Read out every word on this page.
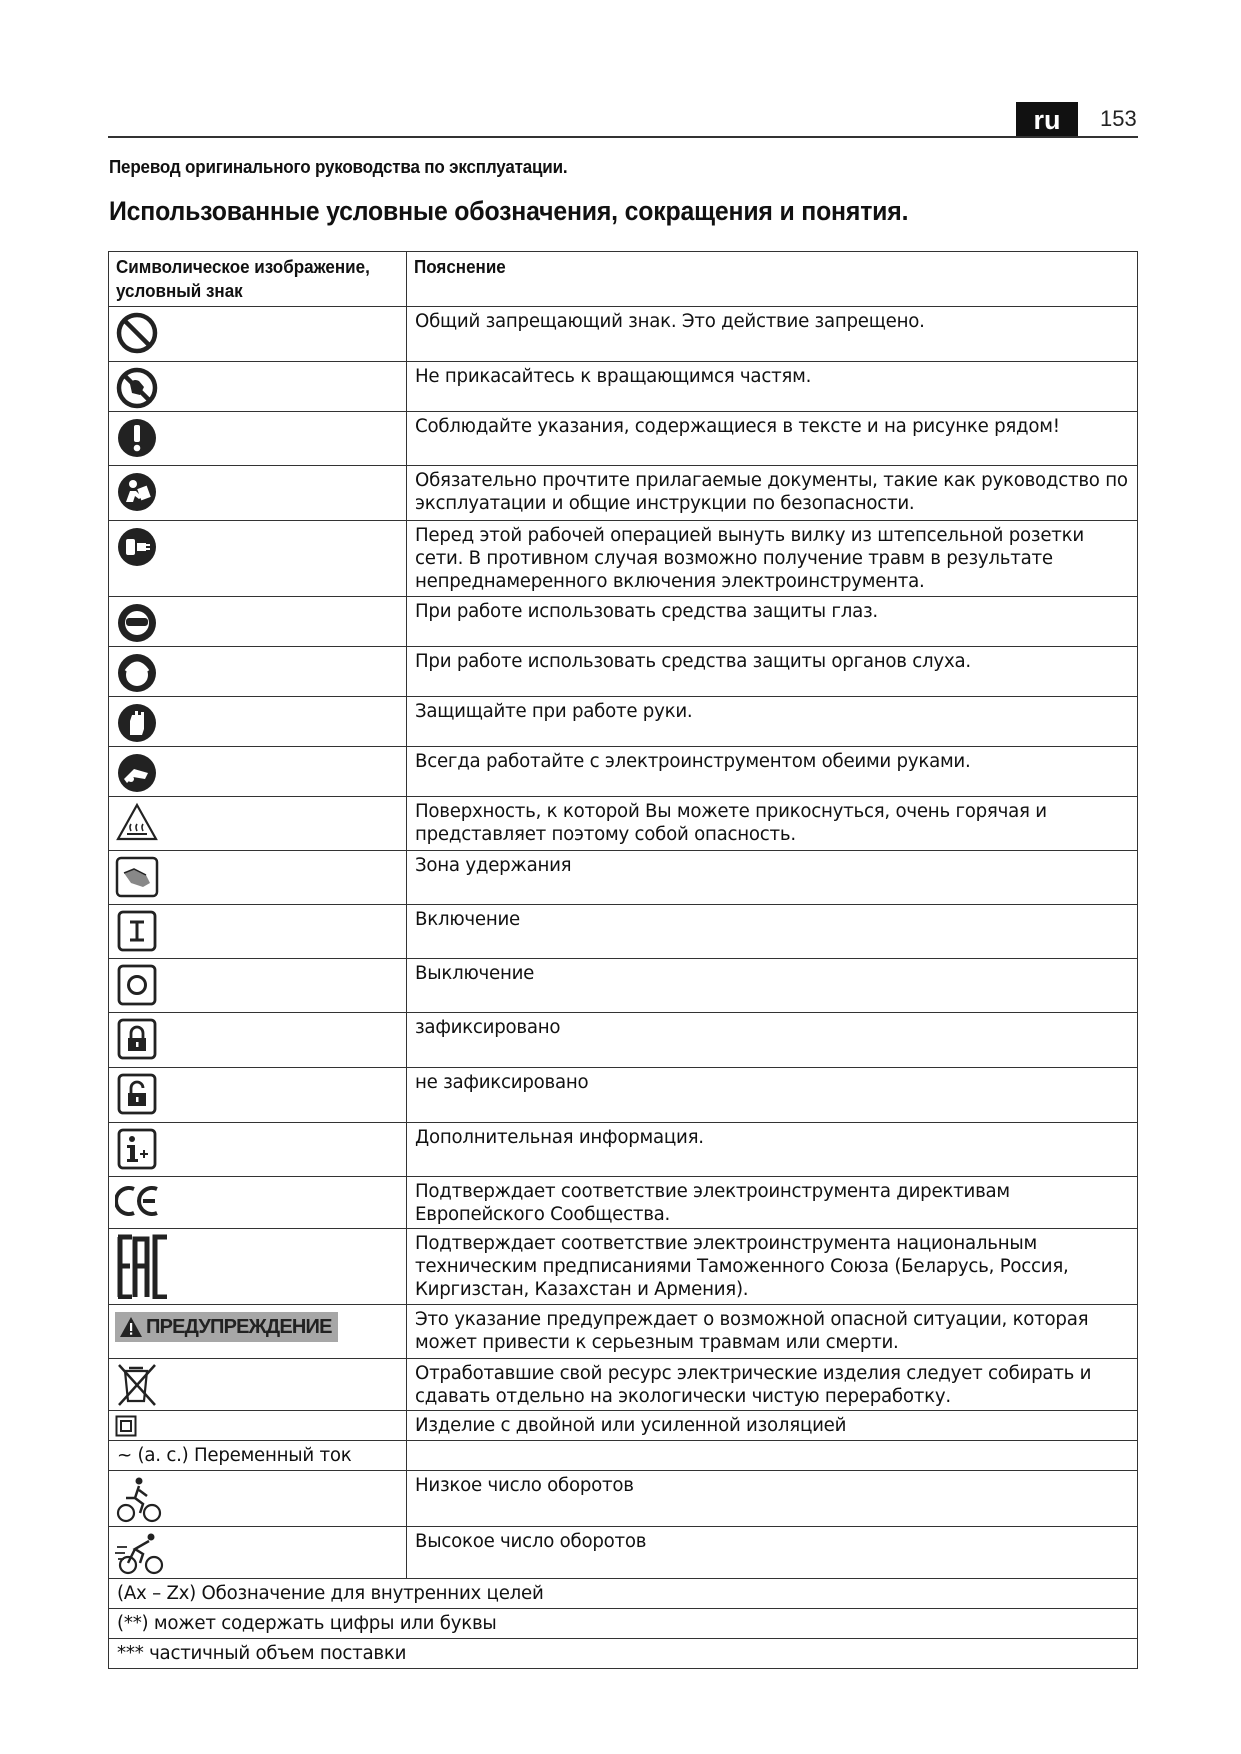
ru	153
Перевод оригинального руководства по эксплуатации.
Использованные условные обозначения, сокращения и понятия.
Символическое изображение, условный знак	Пояснение

	Общий запрещающий знак. Это действие запрещено.

	Не прикасайтесь к вращающимся частям.

	Соблюдайте указания, содержащиеся в тексте и на рисунке рядом!

	Обязательно прочтите прилагаемые документы, такие как руководство по эксплуатации и общие инструкции по безопасности.

	Перед этой рабочей операцией вынуть вилку из штепсельной розетки сети. В противном случая возможно получение травм в результате непреднамеренного включения электроинструмента.

	При работе использовать средства защиты глаз.

	При работе использовать средства защиты органов слуха.

	Защищайте при работе руки.

	Всегда работайте с электроинструментом обеими руками.

	Поверхность, к которой Вы можете прикоснуться, очень горячая и представляет поэтому собой опасность.

	Зона удержания

	Включение

	Выключение

	зафиксировано

	не зафиксировано

	Дополнительная информация.

	Подтверждает соответствие электроинструмента директивам Европейского Сообщества.

	Подтверждает соответствие электроинструмента национальным техническим предписаниями Таможенного Союза (Беларусь, Россия, Киргизстан, Казахстан и Армения).

ПРЕДУПРЕЖДЕНИЕ	Это указание предупреждает о возможной опасной ситуации, которая может привести к серьезным травмам или смерти.

	Отработавшие свой ресурс электрические изделия следует собирать и сдавать отдельно на экологически чистую переработку.

	Изделие с двойной или усиленной изоляцией
~ (a. c.) Переменный ток	

	Низкое число оборотов

	Высокое число оборотов
(Ax – Zx) Обозначение для внутренних целей	
(**) может содержать цифры или буквы	
*** частичный объем поставки	
